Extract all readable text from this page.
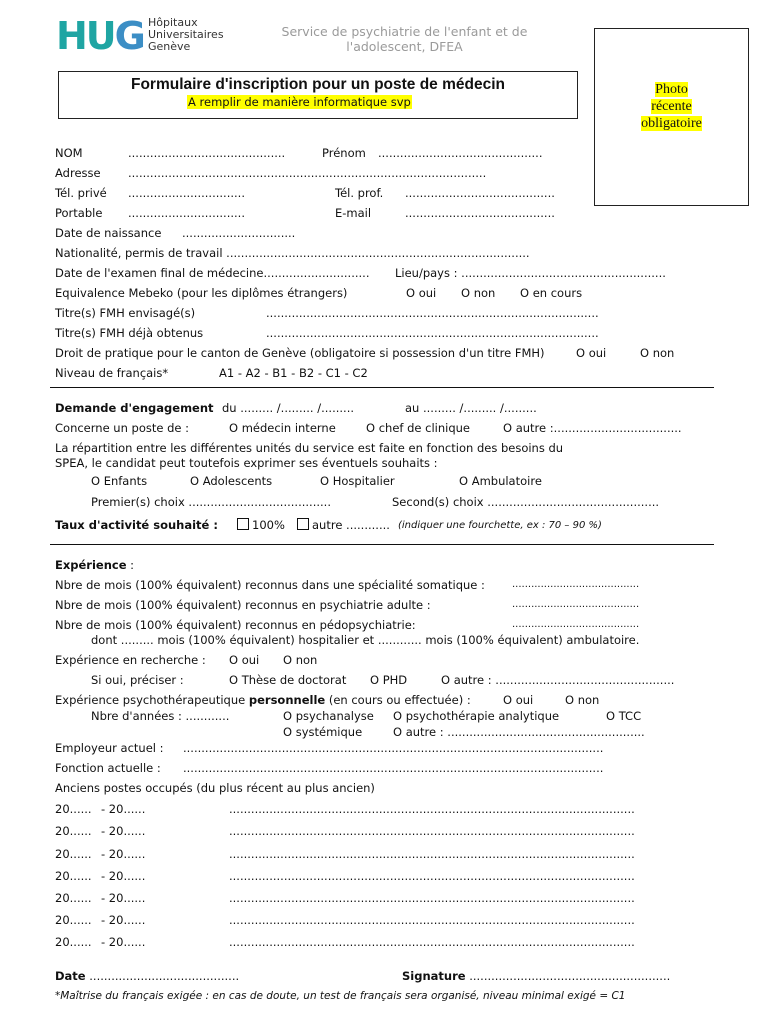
HUG Hôpitaux
Universitaires
Genève
Service de psychiatrie de l'enfant et de l'adolescent, DFEA
Formulaire d'inscription pour un poste de médecin
A remplir de manière informatique svp
Photo
récente
obligatoire
NOM	...........................................	Prénom .............................................
Adresse ..................................................................................................
Tél. privé ................................	Tél. prof. .........................................
Portable ................................	E-mail	.........................................
Date de naissance ...............................
Nationalité, permis de travail ...................................................................................
Date de l'examen final de médecine............................. Lieu/pays : ........................................................
Equivalence Mebeko (pour les diplômes étrangers)	O oui O non O en cours
Titre(s) FMH envisagé(s)	...........................................................................................
Titre(s) FMH déjà obtenus	...........................................................................................
Droit de pratique pour le canton de Genève (obligatoire si possession d'un titre FMH)	O oui	O non
Niveau de français*	A1 - A2 - B1 - B2 - C1 - C2
Demande d'engagement du ......... /......... /.........	au ......... /......... /.........
Concerne un poste de :	O médecin interne	O chef de clinique	O autre :...................................
La répartition entre les différentes unités du service est faite en fonction des besoins du
SPEA, le candidat peut toutefois exprimer ses éventuels souhaits :
O Enfants	O Adolescents	O Hospitalier	O Ambulatoire
Premier(s) choix .......................................	Second(s) choix ...............................................
Taux d'activité souhaité :	100%	autre ............ (indiquer une fourchette, ex : 70 – 90 %)
Expérience :
Nbre de mois (100% équivalent) reconnus dans une spécialité somatique :	........................................
Nbre de mois (100% équivalent) reconnus en psychiatrie adulte :	........................................
Nbre de mois (100% équivalent) reconnus en pédopsychiatrie:	........................................
dont ......... mois (100% équivalent) hospitalier et ............ mois (100% équivalent) ambulatoire.
Expérience en recherche : O oui O non
Si oui, préciser :	O Thèse de doctorat O PHD	O autre : .................................................
Expérience psychothérapeutique personnelle (en cours ou effectuée) :	O oui	O non
Nbre d'années : ............	O psychanalyse O psychothérapie analytique	O TCC
O systémique	O autre : ......................................................
Employeur actuel : ...................................................................................................................
Fonction actuelle : ...................................................................................................................
Anciens postes occupés (du plus récent au plus ancien)
20...... - 20......	...............................................................................................................
20...... - 20......	...............................................................................................................
20...... - 20......	...............................................................................................................
20...... - 20......	...............................................................................................................
20...... - 20......	...............................................................................................................
20...... - 20......	...............................................................................................................
20...... - 20......	...............................................................................................................
Date .........................................	Signature .......................................................
*Maîtrise du français exigée : en cas de doute, un test de français sera organisé, niveau minimal exigé = C1
